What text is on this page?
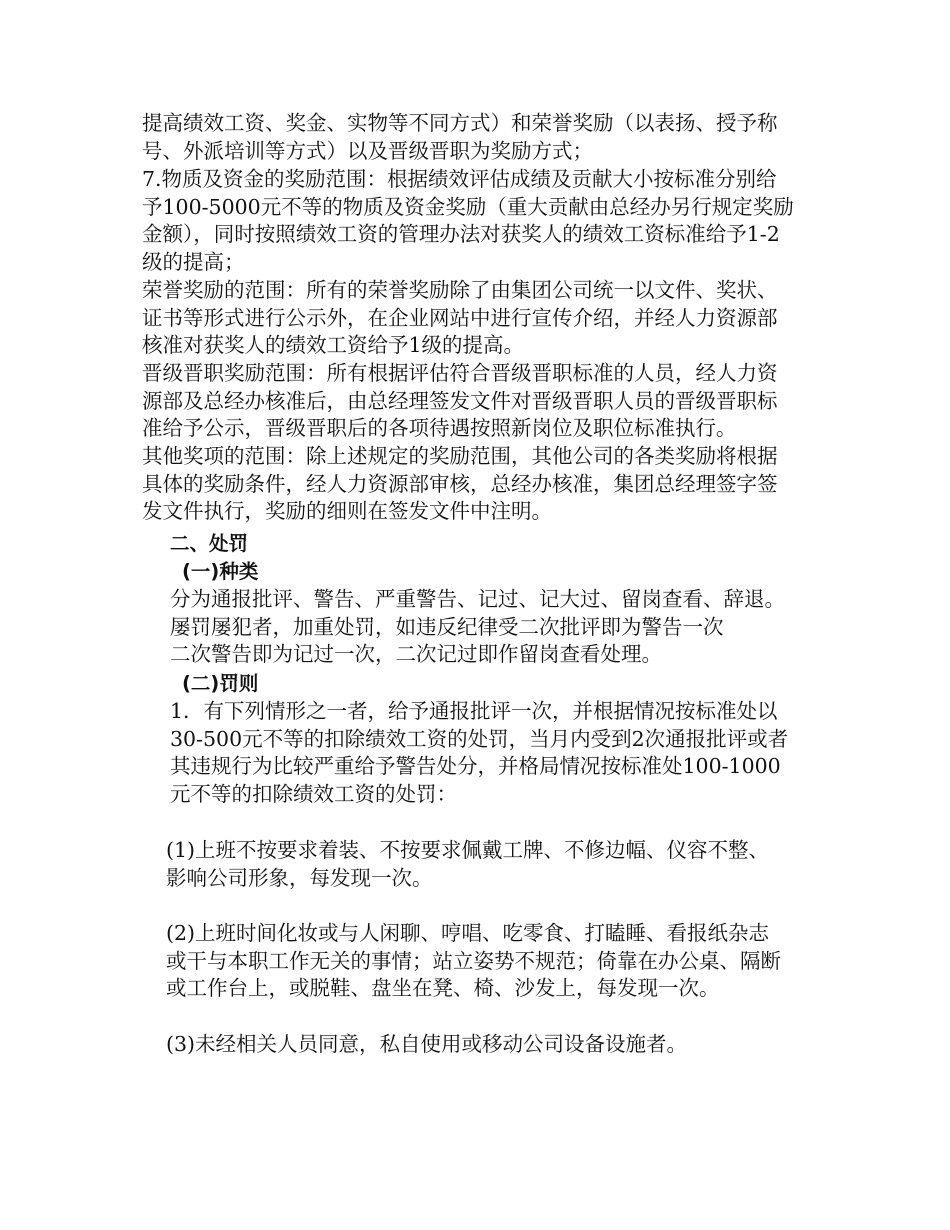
提高绩效工资、奖金、实物等不同方式）和荣誉奖励（以表扬、授予称
号、外派培训等方式）以及晋级晋职为奖励方式；
7.物质及资金的奖励范围：根据绩效评估成绩及贡献大小按标准分别给
予100-5000元不等的物质及资金奖励（重大贡献由总经办另行规定奖励
金额），同时按照绩效工资的管理办法对获奖人的绩效工资标准给予1-2
级的提高；
荣誉奖励的范围：所有的荣誉奖励除了由集团公司统一以文件、奖状、
证书等形式进行公示外，在企业网站中进行宣传介绍，并经人力资源部
核准对获奖人的绩效工资给予1级的提高。
晋级晋职奖励范围：所有根据评估符合晋级晋职标准的人员，经人力资
源部及总经办核准后，由总经理签发文件对晋级晋职人员的晋级晋职标
准给予公示，晋级晋职后的各项待遇按照新岗位及职位标准执行。
其他奖项的范围：除上述规定的奖励范围，其他公司的各类奖励将根据
具体的奖励条件，经人力资源部审核，总经办核准，集团总经理签字签
发文件执行，奖励的细则在签发文件中注明。
二、处罚
(一)种类
分为通报批评、警告、严重警告、记过、记大过、留岗查看、辞退。
屡罚屡犯者，加重处罚，如违反纪律受二次批评即为警告一次
二次警告即为记过一次，二次记过即作留岗查看处理。
(二)罚则
1．有下列情形之一者，给予通报批评一次，并根据情况按标准处以
30-500元不等的扣除绩效工资的处罚，当月内受到2次通报批评或者
其违规行为比较严重给予警告处分，并格局情况按标准处100-1000
元不等的扣除绩效工资的处罚：
(1)上班不按要求着装、不按要求佩戴工牌、不修边幅、仪容不整、
影响公司形象，每发现一次。
(2)上班时间化妆或与人闲聊、哼唱、吃零食、打瞌睡、看报纸杂志
或干与本职工作无关的事情；站立姿势不规范；倚靠在办公桌、隔断
或工作台上，或脱鞋、盘坐在凳、椅、沙发上，每发现一次。
(3)未经相关人员同意，私自使用或移动公司设备设施者。
